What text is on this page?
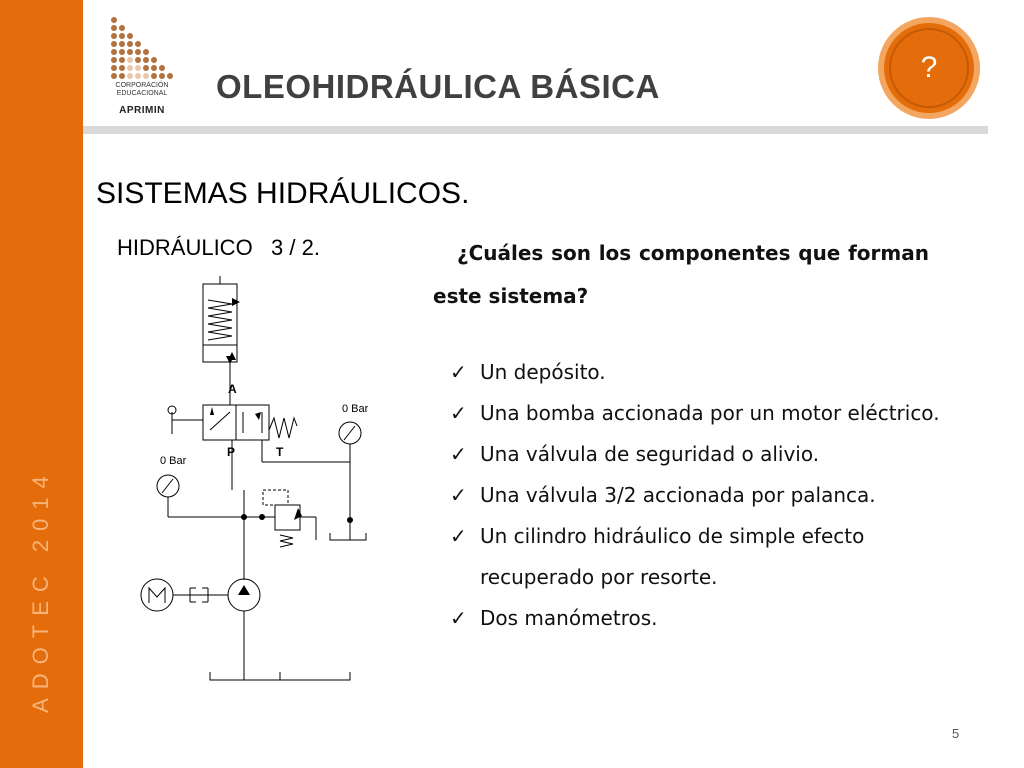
ADOTEC 2014
CORPORACIÓN
EDUCACIONAL
APRIMIN
OLEOHIDRÁULICA BÁSICA
?
SISTEMAS HIDRÁULICOS.
HIDRÁULICO   3 / 2.	¿Cuáles son los componentes que forman este sistema?
✓ Un depósito.
✓ Una bomba accionada por un motor eléctrico.
✓ Una válvula de seguridad o alivio.
✓ Una válvula 3/2 accionada por palanca.
✓ Un cilindro hidráulico de simple efecto recuperado por resorte.
✓ Dos manómetros.
A
P	T
0 Bar
0 Bar
5
